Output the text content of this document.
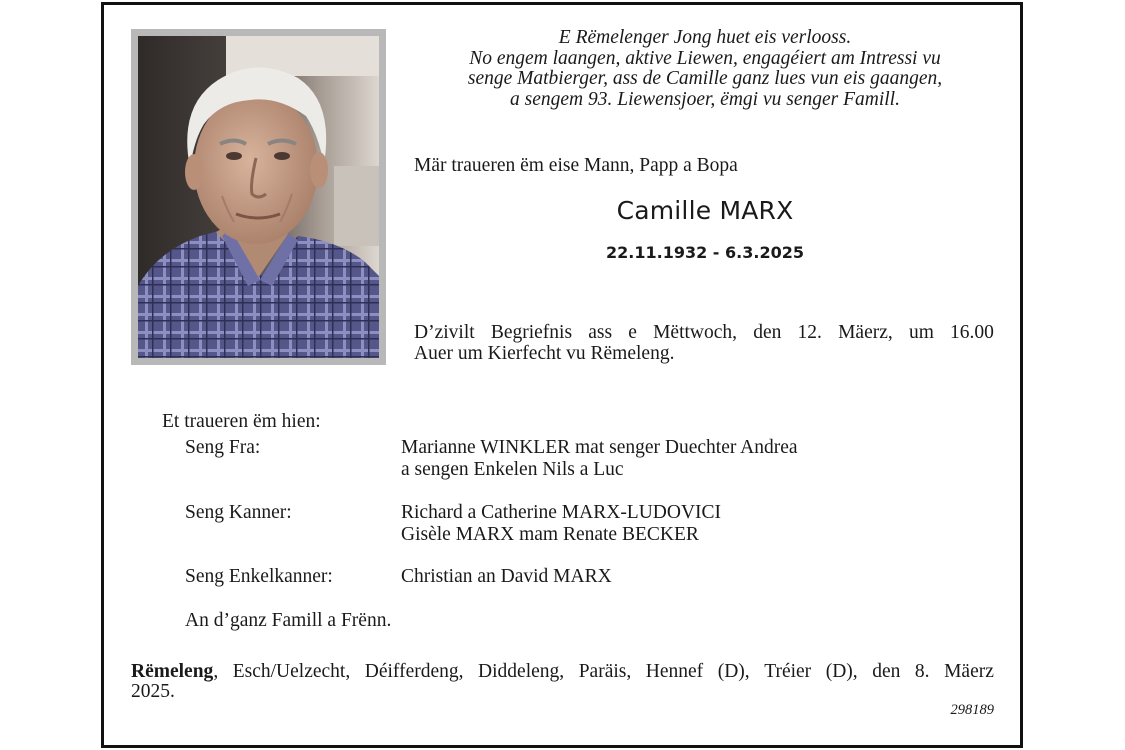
E Rëmelenger Jong huet eis verlooss.
No engem laangen, aktive Liewen, engagéiert am Intressi vu
senge Matbierger, ass de Camille ganz lues vun eis gaangen,
a sengem 93. Liewensjoer, ëmgi vu senger Famill.
Mär traueren ëm eise Mann, Papp a Bopa
Camille MARX
22.11.1932 - 6.3.2025
D’zivilt Begriefnis ass e Mëttwoch, den 12. Mäerz, um 16.00
Auer um Kierfecht vu Rëmeleng.
Et traueren ëm hien:
Seng Fra:	Marianne WINKLER mat senger Duechter Andrea
a sengen Enkelen Nils a Luc
Seng Kanner:	Richard a Catherine MARX-LUDOVICI
Gisèle MARX mam Renate BECKER
Seng Enkelkanner:	Christian an David MARX
An d’ganz Famill a Frënn.
Rëmeleng, Esch/Uelzecht, Déifferdeng, Diddeleng, Paräis, Hennef (D), Tréier (D), den 8. Mäerz
2025.
298189
